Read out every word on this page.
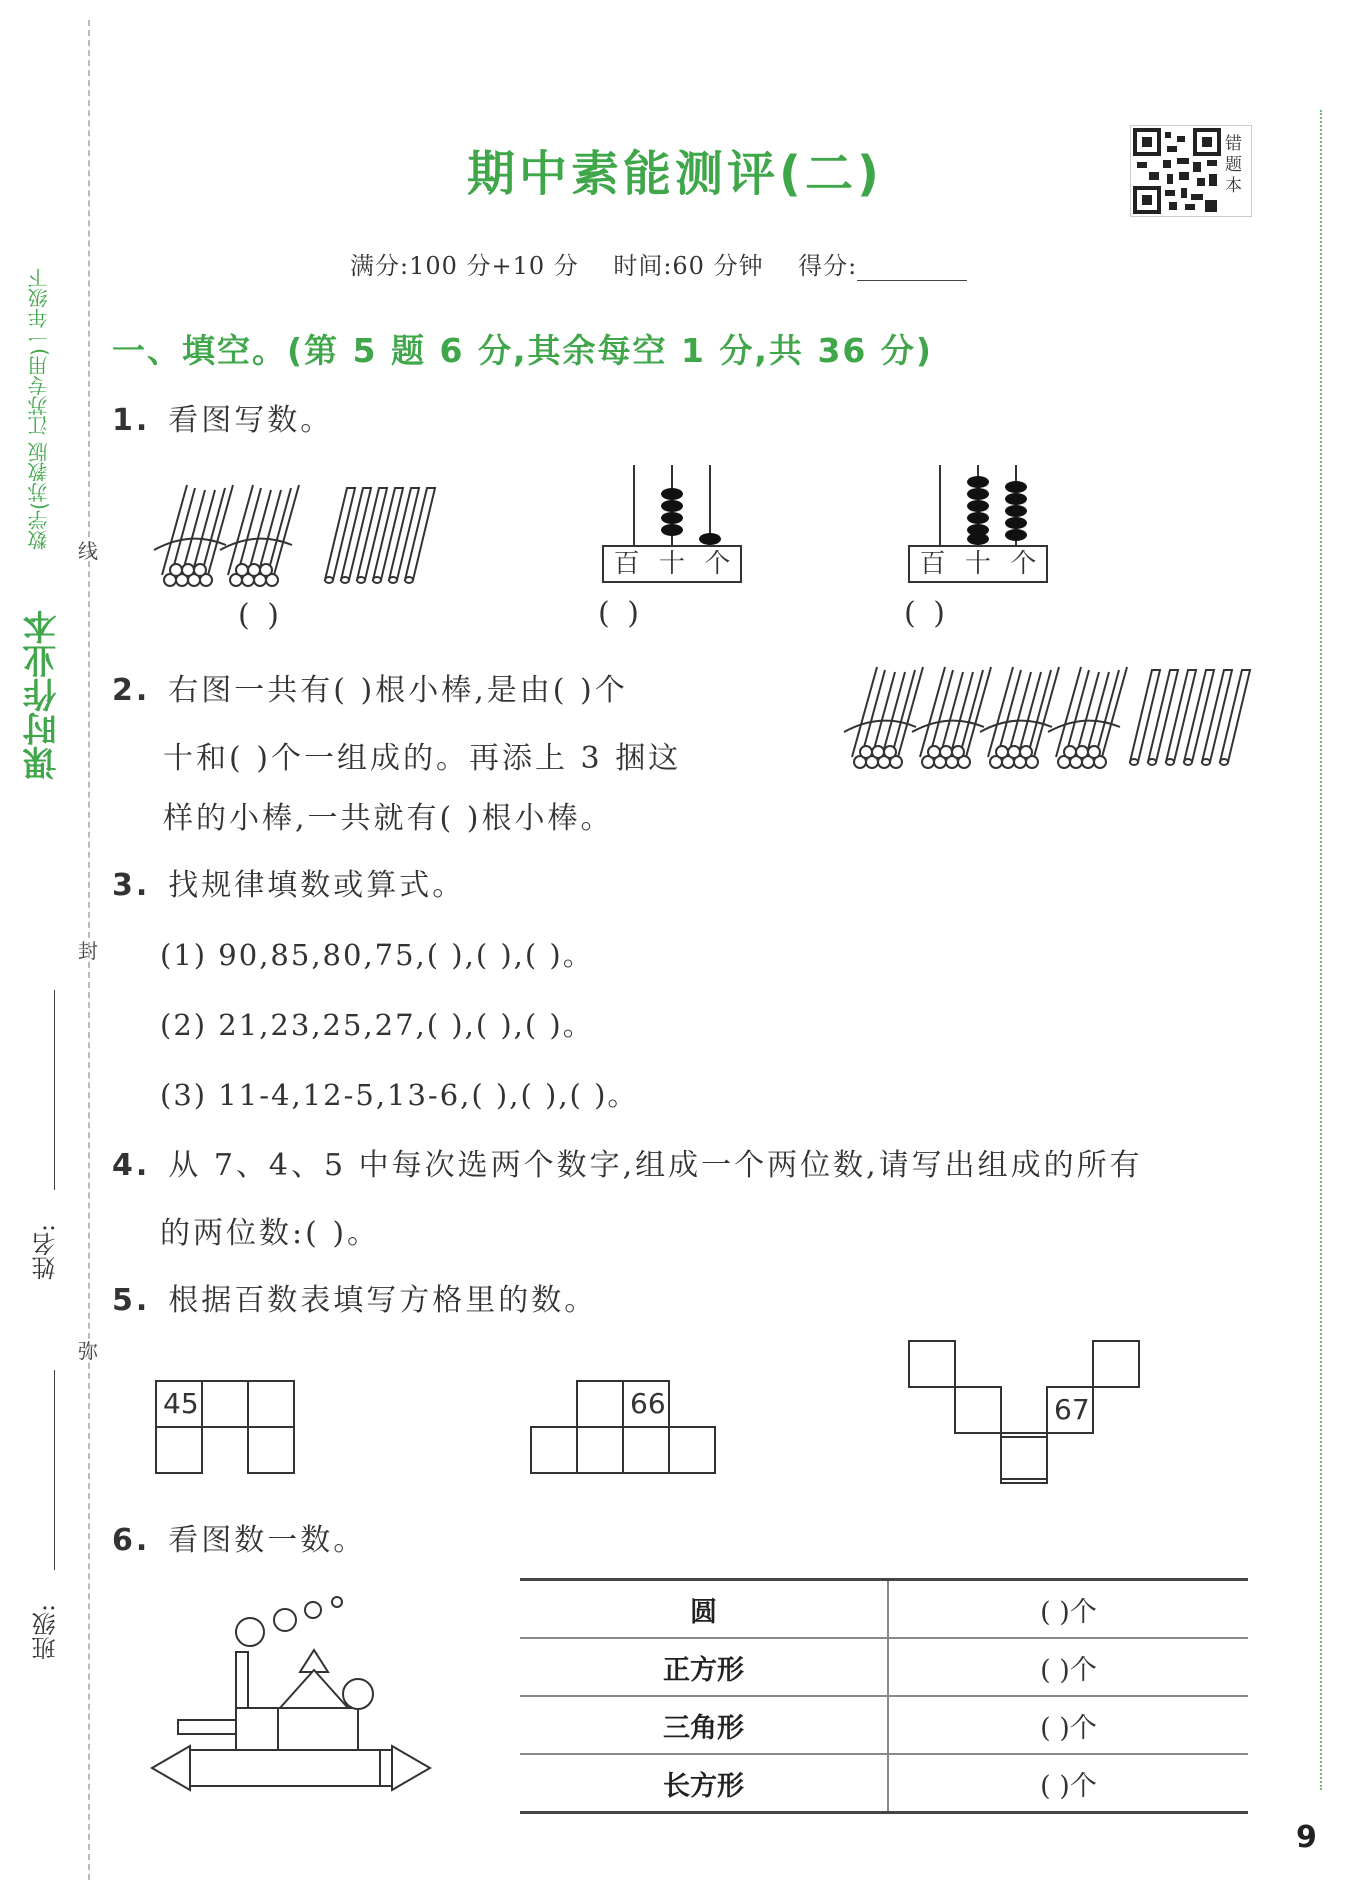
课时作业本
数学(苏教版 江苏专用)一年级下
线
封
弥
姓名:
班级:
期中素能测评(二)
错题本
满分:100 分+10 分 时间:60 分钟 得分:
一、填空。(第 5 题 6 分,其余每空 1 分,共 36 分)
1. 看图写数。
( )
百 十 个
( )
百 十 个
( )
2. 右图一共有( )根小棒,是由( )个
十和( )个一组成的。再添上 3 捆这
样的小棒,一共就有( )根小棒。
3. 找规律填数或算式。
(1) 90,85,80,75,( ),( ),( )。
(2) 21,23,25,27,( ),( ),( )。
(3) 11-4,12-5,13-6,( ),( ),( )。
4. 从 7、4、5 中每次选两个数字,组成一个两位数,请写出组成的所有
的两位数:( )。
5. 根据百数表填写方格里的数。
45	66	67
6. 看图数一数。
圆	( )个
正方形	( )个
三角形	( )个
长方形	( )个
9
